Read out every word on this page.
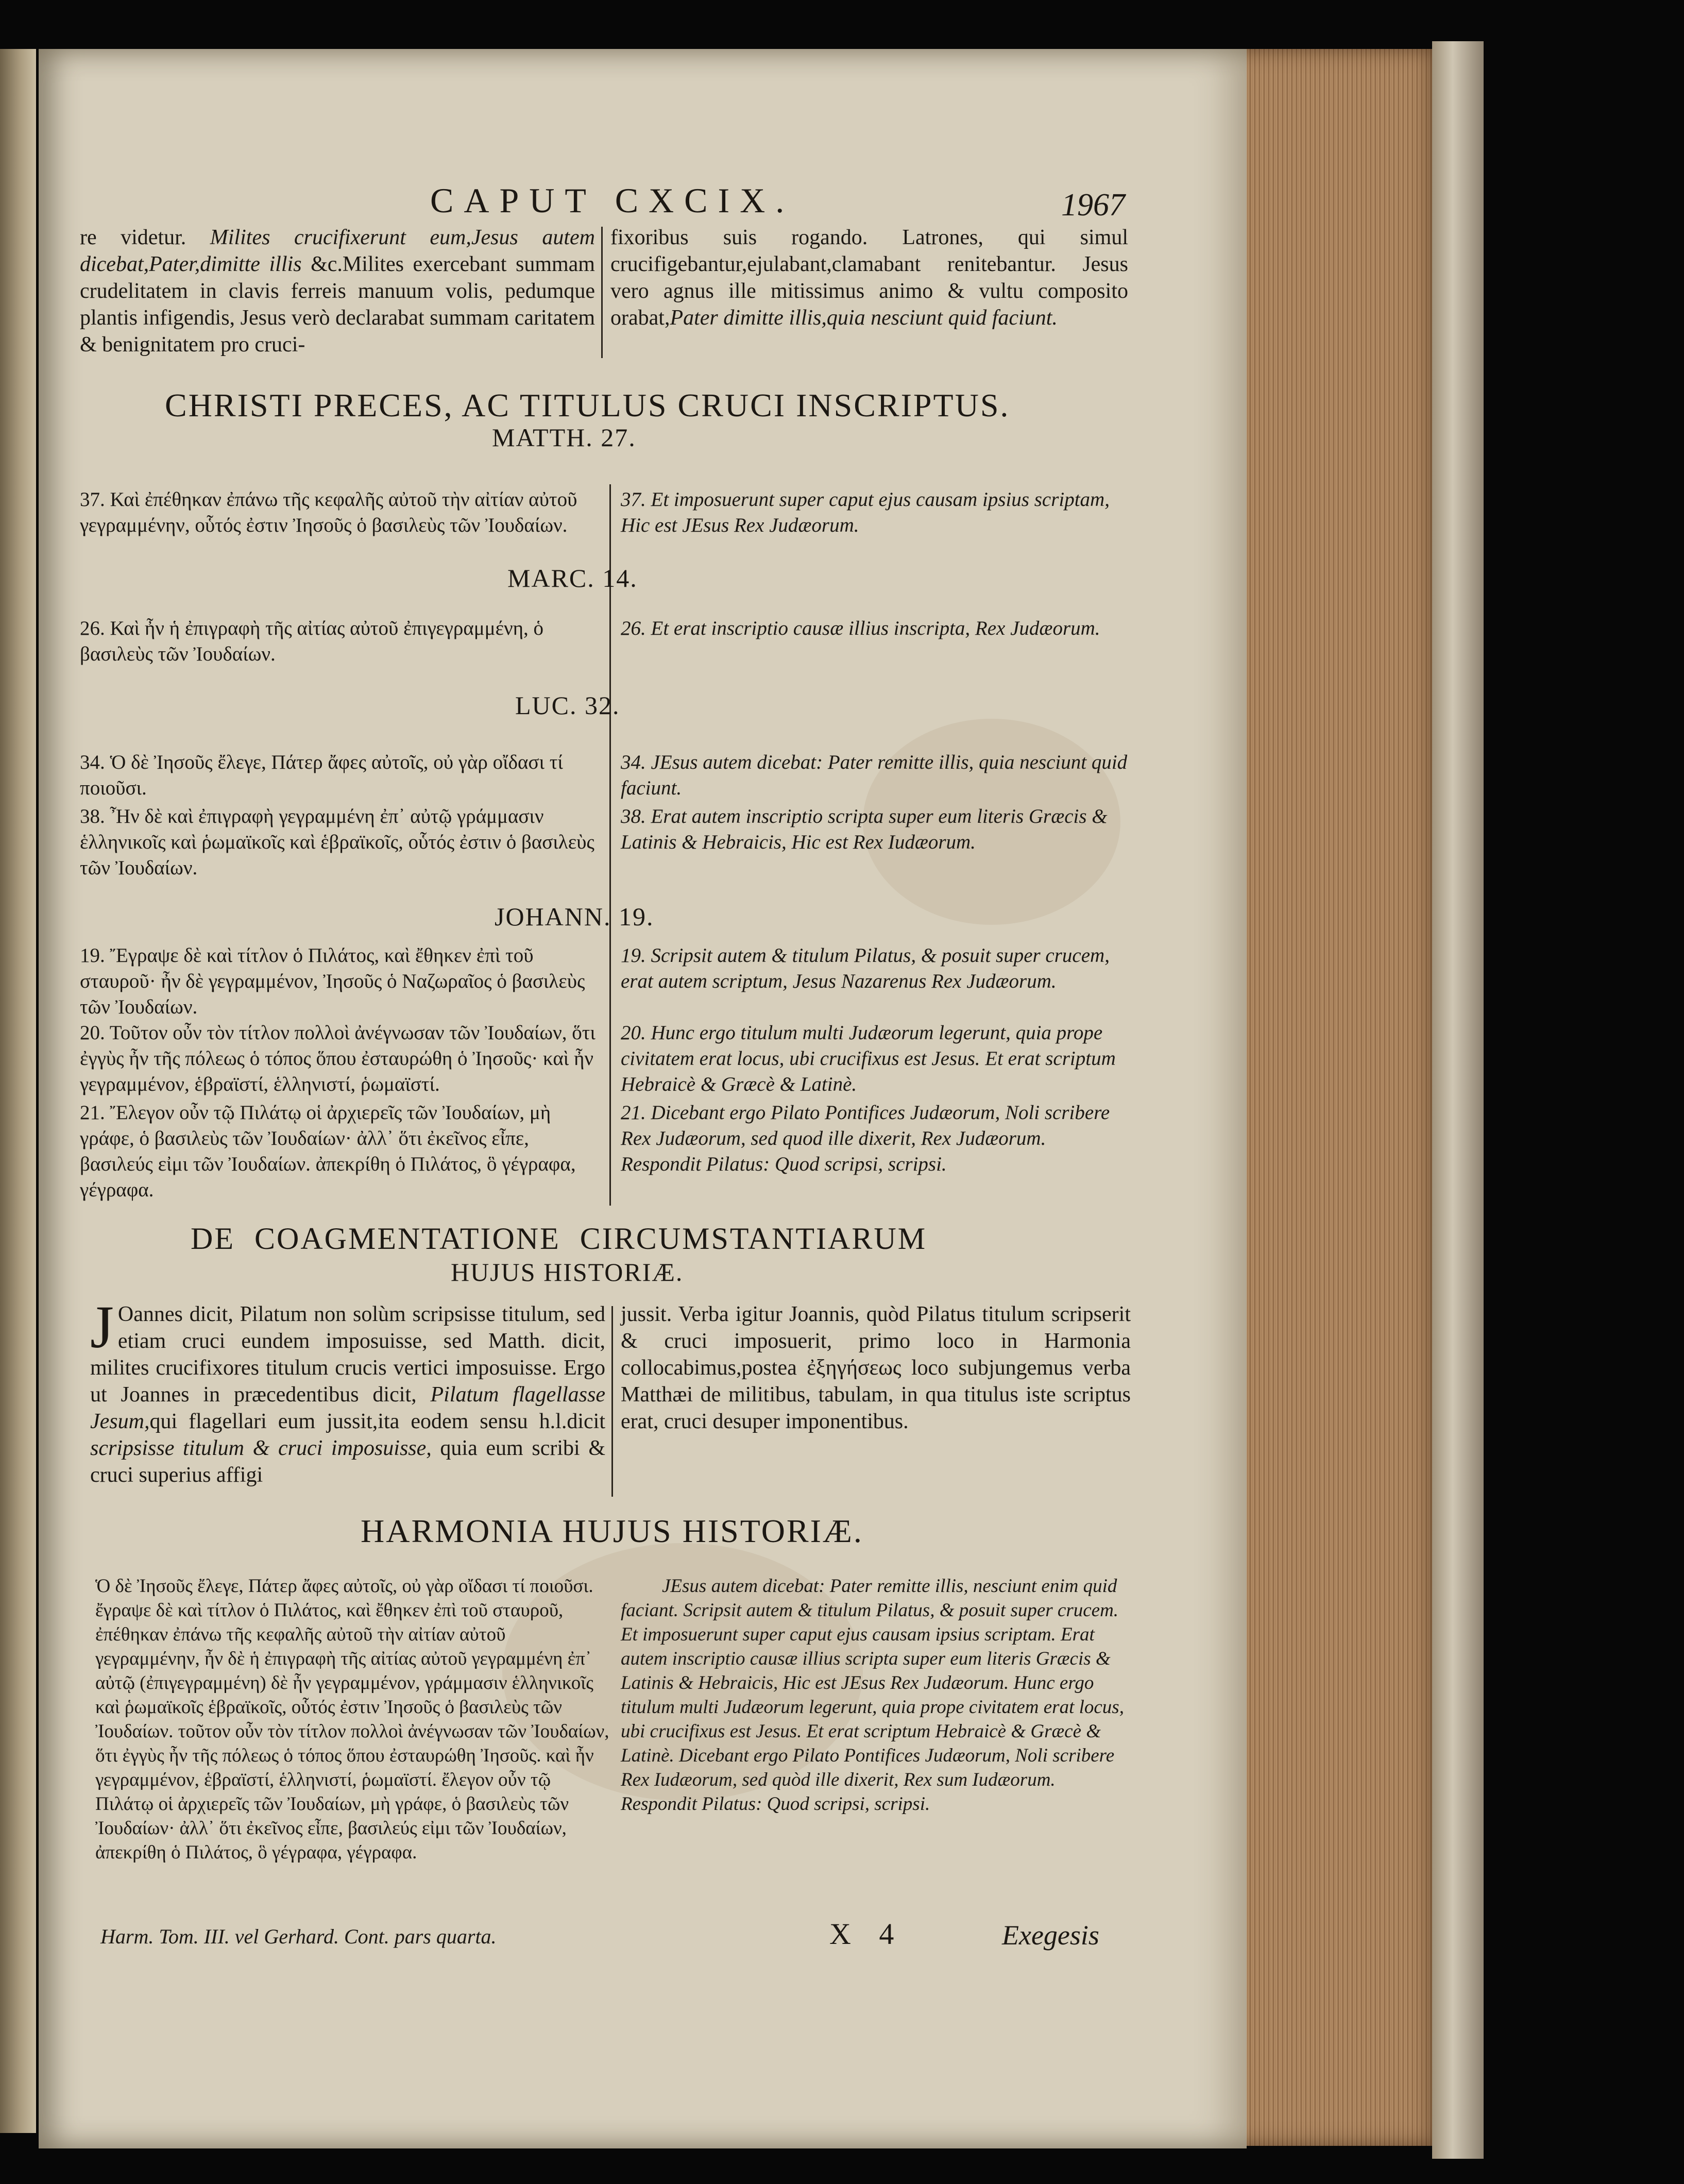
CAPUT CXCIX.	1967
re videtur. Milites crucifixerunt eum,Jesus autem dicebat,Pater,dimitte illis &c.Milites exercebant summam crudelitatem in clavis ferreis manuum volis, pedumque plantis infigendis, Jesus verò declarabat summam caritatem & benignitatem pro cruci-
fixoribus suis rogando. Latrones, qui simul crucifigebantur,ejulabant,clamabant renitebantur. Jesus vero agnus ille mitissimus animo & vultu composito orabat,Pater dimitte illis,quia nesciunt quid faciunt.
CHRISTI PRECES, AC TITULUS CRUCI INSCRIPTUS.
MATTH. 27.
37. Καὶ ἐπέθηκαν ἐπάνω τῆς κεφαλῆς αὐτοῦ τὴν αἰτίαν αὐτοῦ γεγραμμένην, οὗτός ἐστιν Ἰησοῦς ὁ βασιλεὺς τῶν Ἰουδαίων.
37. Et imposuerunt super caput ejus causam ipsius scriptam, Hic est JEsus Rex Judæorum.
MARC. 14.
26. Καὶ ἦν ἡ ἐπιγραφὴ τῆς αἰτίας αὐτοῦ ἐπιγεγραμμένη, ὁ βασιλεὺς τῶν Ἰουδαίων.
26. Et erat inscriptio causæ illius inscripta, Rex Judæorum.
LUC. 32.
34. Ὁ δὲ Ἰησοῦς ἔλεγε, Πάτερ ἄφες αὐτοῖς, οὐ γὰρ οἴδασι τί ποιοῦσι.
34. JEsus autem dicebat: Pater remitte illis, quia nesciunt quid faciunt.
38. Ἦν δὲ καὶ ἐπιγραφὴ γεγραμμένη ἐπ᾽ αὐτῷ γράμμασιν ἑλληνικοῖς καὶ ῥωμαϊκοῖς καὶ ἑβραϊκοῖς, οὗτός ἐστιν ὁ βασιλεὺς τῶν Ἰουδαίων.
38. Erat autem inscriptio scripta super eum literis Græcis & Latinis & Hebraicis, Hic est Rex Iudæorum.
JOHANN. 19.
19. Ἔγραψε δὲ καὶ τίτλον ὁ Πιλάτος, καὶ ἔθηκεν ἐπὶ τοῦ σταυροῦ· ἦν δὲ γεγραμμένον, Ἰησοῦς ὁ Ναζωραῖος ὁ βασιλεὺς τῶν Ἰουδαίων.
19. Scripsit autem & titulum Pilatus, & posuit super crucem, erat autem scriptum, Jesus Nazarenus Rex Judæorum.
20. Τοῦτον οὖν τὸν τίτλον πολλοὶ ἀνέγνωσαν τῶν Ἰουδαίων, ὅτι ἐγγὺς ἦν τῆς πόλεως ὁ τόπος ὅπου ἐσταυρώθη ὁ Ἰησοῦς· καὶ ἦν γεγραμμένον, ἑβραϊστί, ἑλληνιστί, ῥωμαϊστί.
20. Hunc ergo titulum multi Judæorum legerunt, quia prope civitatem erat locus, ubi crucifixus est Jesus. Et erat scriptum Hebraicè & Græcè & Latinè.
21. Ἔλεγον οὖν τῷ Πιλάτῳ οἱ ἀρχιερεῖς τῶν Ἰουδαίων, μὴ γράφε, ὁ βασιλεὺς τῶν Ἰουδαίων· ἀλλ᾽ ὅτι ἐκεῖνος εἶπε, βασιλεύς εἰμι τῶν Ἰουδαίων. ἀπεκρίθη ὁ Πιλάτος, ὃ γέγραφα, γέγραφα.
21. Dicebant ergo Pilato Pontifices Judæorum, Noli scribere Rex Judæorum, sed quod ille dixerit, Rex Judæorum. Respondit Pilatus: Quod scripsi, scripsi.
DE COAGMENTATIONE CIRCUMSTANTIARUM
HUJUS HISTORIÆ.
J Oannes dicit, Pilatum non solùm scripsisse titulum, sed etiam cruci eundem imposuisse, sed Matth. dicit, milites crucifixores titulum crucis vertici imposuisse. Ergo ut Joannes in præcedentibus dicit, Pilatum flagellasse Jesum,qui flagellari eum jussit,ita eodem sensu h.l.dicit scripsisse titulum & cruci imposuisse, quia eum scribi & cruci superius affigi
jussit. Verba igitur Joannis, quòd Pilatus titulum scripserit & cruci imposuerit, primo loco in Harmonia collocabimus,postea ἐξηγήσεως loco subjungemus verba Matthæi de militibus, tabulam, in qua titulus iste scriptus erat, cruci desuper imponentibus.
HARMONIA HUJUS HISTORIÆ.
Ὁ δὲ Ἰησοῦς ἔλεγε, Πάτερ ἄφες αὐτοῖς, οὐ γὰρ οἴδασι τί ποιοῦσι. ἔγραψε δὲ καὶ τίτλον ὁ Πιλάτος, καὶ ἔθηκεν ἐπὶ τοῦ σταυροῦ, ἐπέθηκαν ἐπάνω τῆς κεφαλῆς αὐτοῦ τὴν αἰτίαν αὐτοῦ γεγραμμένην, ἦν δὲ ἡ ἐπιγραφὴ τῆς αἰτίας αὐτοῦ γεγραμμένη ἐπ᾽ αὐτῷ (ἐπιγεγραμμένη) δὲ ἦν γεγραμμένον, γράμμασιν ἑλληνικοῖς καὶ ῥωμαϊκοῖς ἑβραϊκοῖς, οὗτός ἐστιν Ἰησοῦς ὁ βασιλεὺς τῶν Ἰουδαίων. τοῦτον οὖν τὸν τίτλον πολλοὶ ἀνέγνωσαν τῶν Ἰουδαίων, ὅτι ἐγγὺς ἦν τῆς πόλεως ὁ τόπος ὅπου ἐσταυρώθη Ἰησοῦς. καὶ ἦν γεγραμμένον, ἑβραϊστί, ἑλληνιστί, ῥωμαϊστί. ἔλεγον οὖν τῷ Πιλάτῳ οἱ ἀρχιερεῖς τῶν Ἰουδαίων, μὴ γράφε, ὁ βασιλεὺς τῶν Ἰουδαίων· ἀλλ᾽ ὅτι ἐκεῖνος εἶπε, βασιλεύς εἰμι τῶν Ἰουδαίων, ἀπεκρίθη ὁ Πιλάτος, ὃ γέγραφα, γέγραφα.
JEsus autem dicebat: Pater remitte illis, nesciunt enim quid faciant. Scripsit autem & titulum Pilatus, & posuit super crucem. Et imposuerunt super caput ejus causam ipsius scriptam. Erat autem inscriptio causæ illius scripta super eum literis Græcis & Latinis & Hebraicis, Hic est JEsus Rex Judæorum. Hunc ergo titulum multi Judæorum legerunt, quia prope civitatem erat locus, ubi crucifixus est Jesus. Et erat scriptum Hebraicè & Græcè & Latinè. Dicebant ergo Pilato Pontifices Judæorum, Noli scribere Rex Iudæorum, sed quòd ille dixerit, Rex sum Iudæorum. Respondit Pilatus: Quod scripsi, scripsi.
Harm. Tom. III. vel Gerhard. Cont. pars quarta.	X 4	Exegesis
